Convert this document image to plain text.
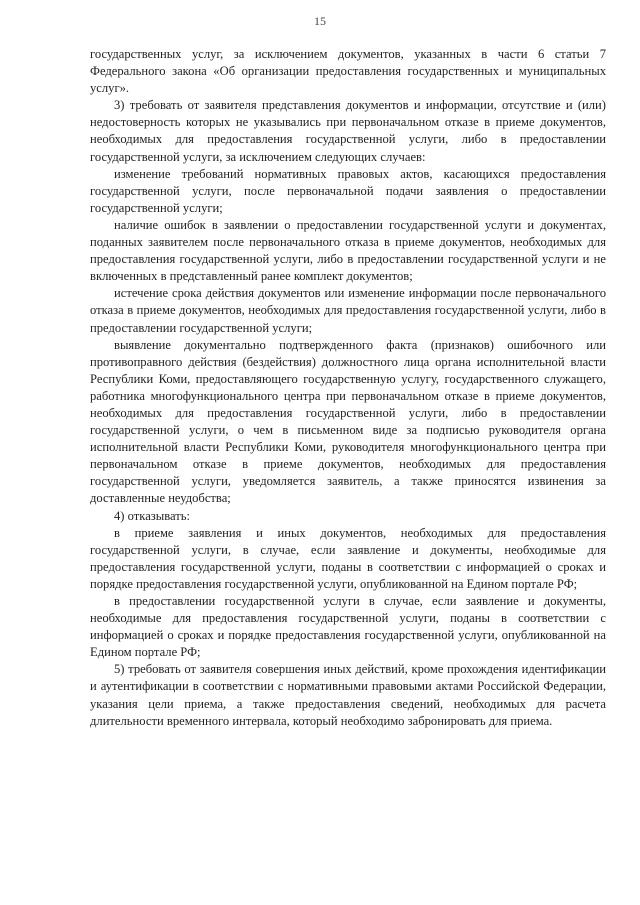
15

государственных услуг, за исключением документов, указанных в части 6 статьи 7 Федерального закона «Об организации предоставления государственных и муниципальных услуг».

3) требовать от заявителя представления документов и информации, отсутствие и (или) недостоверность которых не указывались при первоначальном отказе в приеме документов, необходимых для предоставления государственной услуги, либо в предоставлении государственной услуги, за исключением следующих случаев:

изменение требований нормативных правовых актов, касающихся предоставления государственной услуги, после первоначальной подачи заявления о предоставлении государственной услуги;

наличие ошибок в заявлении о предоставлении государственной услуги и документах, поданных заявителем после первоначального отказа в приеме документов, необходимых для предоставления государственной услуги, либо в предоставлении государственной услуги и не включенных в представленный ранее комплект документов;

истечение срока действия документов или изменение информации после первоначального отказа в приеме документов, необходимых для предоставления государственной услуги, либо в предоставлении государственной услуги;

выявление документально подтвержденного факта (признаков) ошибочного или противоправного действия (бездействия) должностного лица органа исполнительной власти Республики Коми, предоставляющего государственную услугу, государственного служащего, работника многофункционального центра при первоначальном отказе в приеме документов, необходимых для предоставления государственной услуги, либо в предоставлении государственной услуги, о чем в письменном виде за подписью руководителя органа исполнительной власти Республики Коми, руководителя многофункционального центра при первоначальном отказе в приеме документов, необходимых для предоставления государственной услуги, уведомляется заявитель, а также приносятся извинения за доставленные неудобства;

4) отказывать:

в приеме заявления и иных документов, необходимых для предоставления государственной услуги, в случае, если заявление и документы, необходимые для предоставления государственной услуги, поданы в соответствии с информацией о сроках и порядке предоставления государственной услуги, опубликованной на Едином портале РФ;

в предоставлении государственной услуги в случае, если заявление и документы, необходимые для предоставления государственной услуги, поданы в соответствии с информацией о сроках и порядке предоставления государственной услуги, опубликованной на Едином портале РФ;

5) требовать от заявителя совершения иных действий, кроме прохождения идентификации и аутентификации в соответствии с нормативными правовыми актами Российской Федерации, указания цели приема, а также предоставления сведений, необходимых для расчета длительности временного интервала, который необходимо забронировать для приема.
